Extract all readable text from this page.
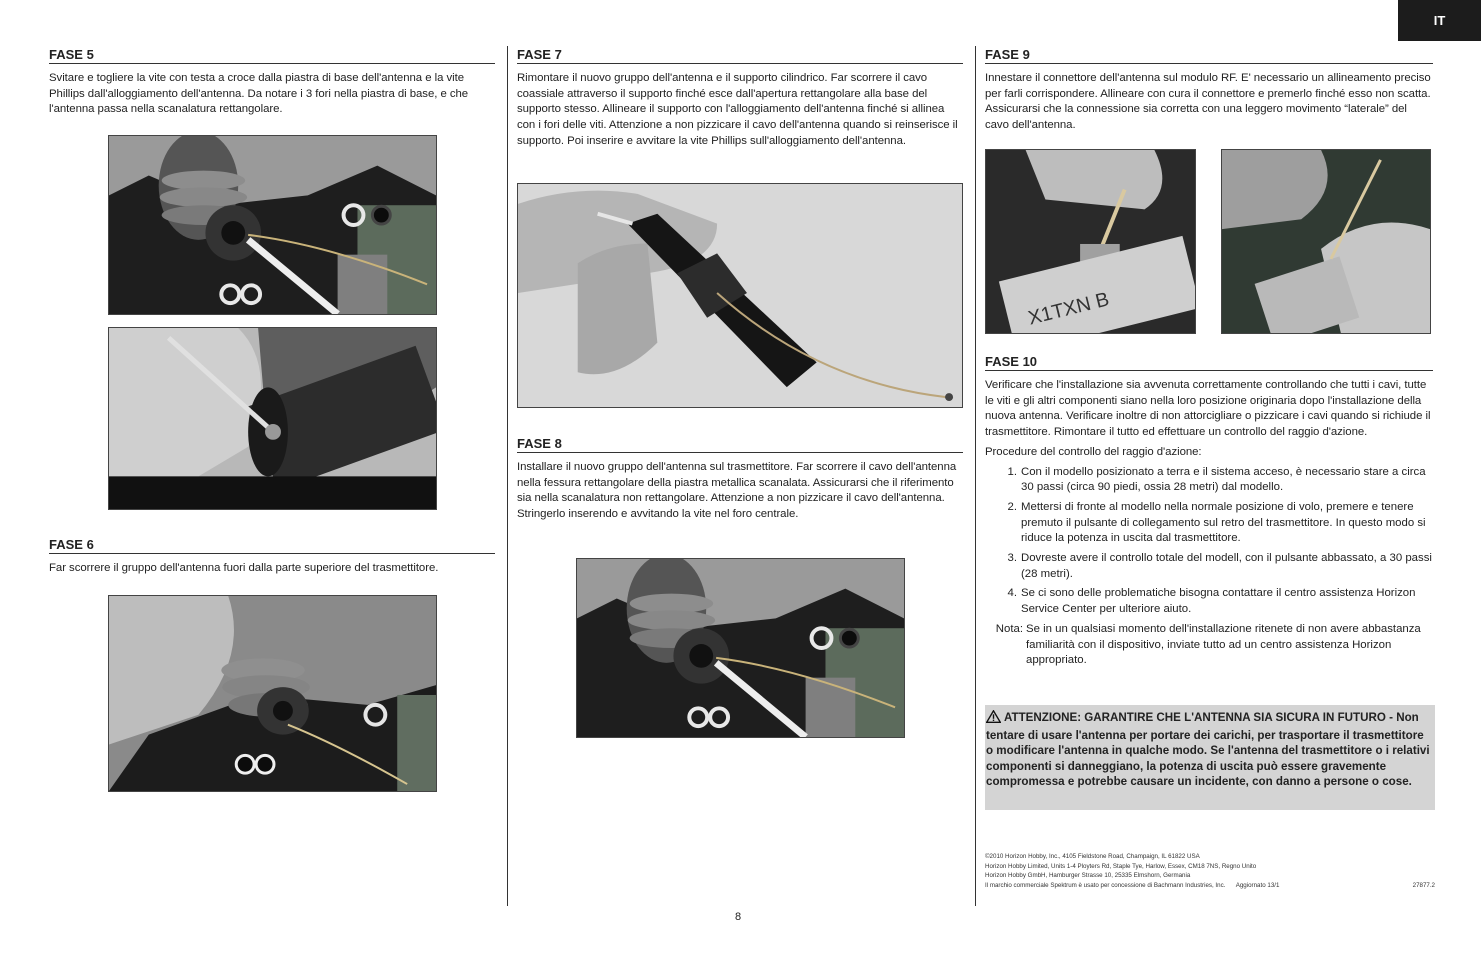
IT
FASE 5

Svitare e togliere la vite con testa a croce dalla piastra di base dell'antenna e la vite Phillips dall'alloggiamento dell'antenna. Da notare i 3 fori nella piastra di base, e che l'antenna passa nella scanalatura rettangolare.

FASE 6

Far scorrere il gruppo dell'antenna fuori dalla parte superiore del trasmettitore.

FASE 7

Rimontare il nuovo gruppo dell'antenna e il supporto cilindrico. Far scorrere il cavo coassiale attraverso il supporto finché esce dall'apertura rettangolare alla base del supporto stesso. Allineare il supporto con l'alloggiamento dell'antenna finché si allinea con i fori delle viti. Attenzione a non pizzicare il cavo dell'antenna quando si reinserisce il supporto. Poi inserire e avvitare la vite Phillips sull'alloggiamento dell'antenna.

FASE 8

Installare il nuovo gruppo dell'antenna sul trasmettitore. Far scorrere il cavo dell'antenna nella fessura rettangolare della piastra metallica scanalata. Assicurarsi che il riferimento sia nella scanalatura non rettangolare. Attenzione a non pizzicare il cavo dell'antenna. Stringerlo inserendo e avvitando la vite nel foro centrale.

FASE 9

Innestare il connettore dell'antenna sul modulo RF. E' necessario un allineamento preciso per farli corrispondere. Allineare con cura il connettore e premerlo finché esso non scatta. Assicurarsi che la connessione sia corretta con una leggero movimento “laterale” del cavo dell'antenna.

X1TXN B
FASE 10

Verificare che l'installazione sia avvenuta correttamente controllando che tutti i cavi, tutte le viti e gli altri componenti siano nella loro posizione originaria dopo l'installazione della nuova antenna. Verificare inoltre di non attorcigliare o pizzicare i cavi quando si richiude il trasmettitore. Rimontare il tutto ed effettuare un controllo del raggio d'azione.

Procedure del controllo del raggio d'azione:

1. Con il modello posizionato a terra e il sistema acceso, è necessario stare a circa 30 passi (circa 90 piedi, ossia 28 metri) dal modello.
2. Mettersi di fronte al modello nella normale posizione di volo, premere e tenere premuto il pulsante di collegamento sul retro del trasmettitore. In questo modo si riduce la potenza in uscita dal trasmettitore.
3. Dovreste avere il controllo totale del modell, con il pulsante abbassato, a 30 passi (28 metri).
4. Se ci sono delle problematiche bisogna contattare il centro assistenza Horizon Service Center per ulteriore aiuto.
Nota: Se in un qualsiasi momento dell'installazione ritenete di non avere abbastanza familiarità con il dispositivo, inviate tutto ad un centro assistenza Horizon appropriato.
ATTENZIONE: GARANTIRE CHE L'ANTENNA SIA SICURA IN FUTURO - Non tentare di usare l'antenna per portare dei carichi, per trasportare il trasmettitore o modificare l'antenna in qualche modo. Se l'antenna del trasmettitore o i relativi componenti si danneggiano, la potenza di uscita può essere gravemente compromessa e potrebbe causare un incidente, con danno a persone o cose.
©2010 Horizon Hobby, Inc., 4105 Fieldstone Road, Champaign, IL 61822 USA
Horizon Hobby Limited, Units 1-4 Ployters Rd, Staple Tye, Harlow, Essex, CM18 7NS, Regno Unito
Horizon Hobby GmbH, Hamburger Strasse 10, 25335 Elmshorn, Germania
Il marchio commerciale Spektrum è usato per concessione di Bachmann Industries, Inc. Aggiornato 13/1	27877.2
8
